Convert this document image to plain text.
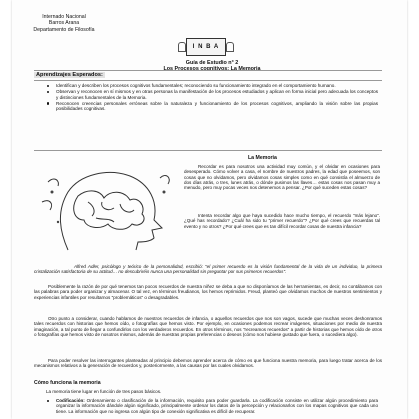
Internado Nacional
Barros Arana
Departamento de Filosofía
I N B A
Guía de Estudio n° 2
Aprendizajes Esperados:
Identifican y describen los procesos cognitivos fundamentales; reconociendo su funcionamiento integrado en el comportamiento humano.
Observan y reconocen en sí mismos y en otras personas la manifestación de los procesos estudiados y aplican en forma inicial pero adecuada los conceptos y distinciones fundamentales de la Memoria.
Reconocen creencias personales erróneas sobre la naturaleza y funcionamiento de los procesos cognitivos, ampliando la visión sobre las propias posibilidades cognitivas.
La Memoria

Recordar es para nosotros una actividad muy común, y el olvidar en ocasiones para desesperado. Cómo volver a casa, el nombre de nuestros padres, la edad que poseemos, son cosas que no olvidamos, pero olvidamos cosas simples como en qué consistía el almuerzo de dos días atrás, o tres, lunes atrás, o dónde pusimos las llaves… estas cosas nos pasan muy a menudo, pero muy pocas veces nos detenemos a pensar. ¿Por qué suceden estas cosas?

Intenta recordar algo que haya sucedido hace mucho tiempo, el recuerdo "más lejano". ¿Qué has recordado? ¿Cuál ha sido tu "primer recuerdo"? ¿Por qué crees que recuerdas tal evento y no otros? ¿Por qué crees que es tan difícil recordar cosas de nuestra infancia?

Alfred Adler, psicólogo y teórico de la personalidad, escribió: "el primer recuerdo es la visión fundamental de la vida de un individuo, la primera cristalización satisfactoria de su actitud… no descubriréis nunca una personalidad sin preguntar por sus primeros recuerdos".

Posiblemente la razón de por qué tenemos tan pocos recuerdos de nuestra niñez se deba a que no disponíamos de las herramientas, es decir, no contábamos con las palabras para poder organizar y almacenar. O tal vez, en términos freudianos, los hemos reprimidos. Freud, planteó que olvidamos muchos de nuestros sentimientos y experiencias infantiles por resultarnos "problemáticos" o desagradables.

Otro punto a considerar, cuando hablamos de nuestros recuerdos de infancia, o aquellos recuerdos que nos son vagos, sucede que muchas veces deshonramos tales recuerdos con historias que hemos oído, o fotografías que hemos visto. Por ejemplo, en ocasiones podemos recrear imágenes, situaciones por medio de nuestra imaginación, a tal punto de llegar a confundirlos con los verdaderos recuerdos. En otros términos, nos "recreamos recuerdos" a partir de historias que hemos oído de otros o fotografías que hemos visto de nosotros mismos, además de nuestras propias preferencias o deseos (cómo nos hubiese gustado que fuera, o sucediera algo).

Para poder resolver las interrogantes planteadas al principio debemos aprender acerca de cómo es que funciona nuestra memoria, para luego tratar acerca de los mecanismos relativos a la generación de recuerdos y, posteriormente, a las causas por las cuales olvidamos.

Cómo funciona la memoria

La memoria tiene lugar en función de tres pasos básicos.

Codificación: Ordenamiento o clasificación de la información, requisito para poder guardarla. La codificación consiste en utilizar algún procedimiento para organizar la información dándole algún significado, principalmente ordenar los datos de la percepción y relacionarlos con los mapas cognitivos que cada uno tiene. La información que no ingresa con algún tipo de conexión significativa es difícil de recuperar.
